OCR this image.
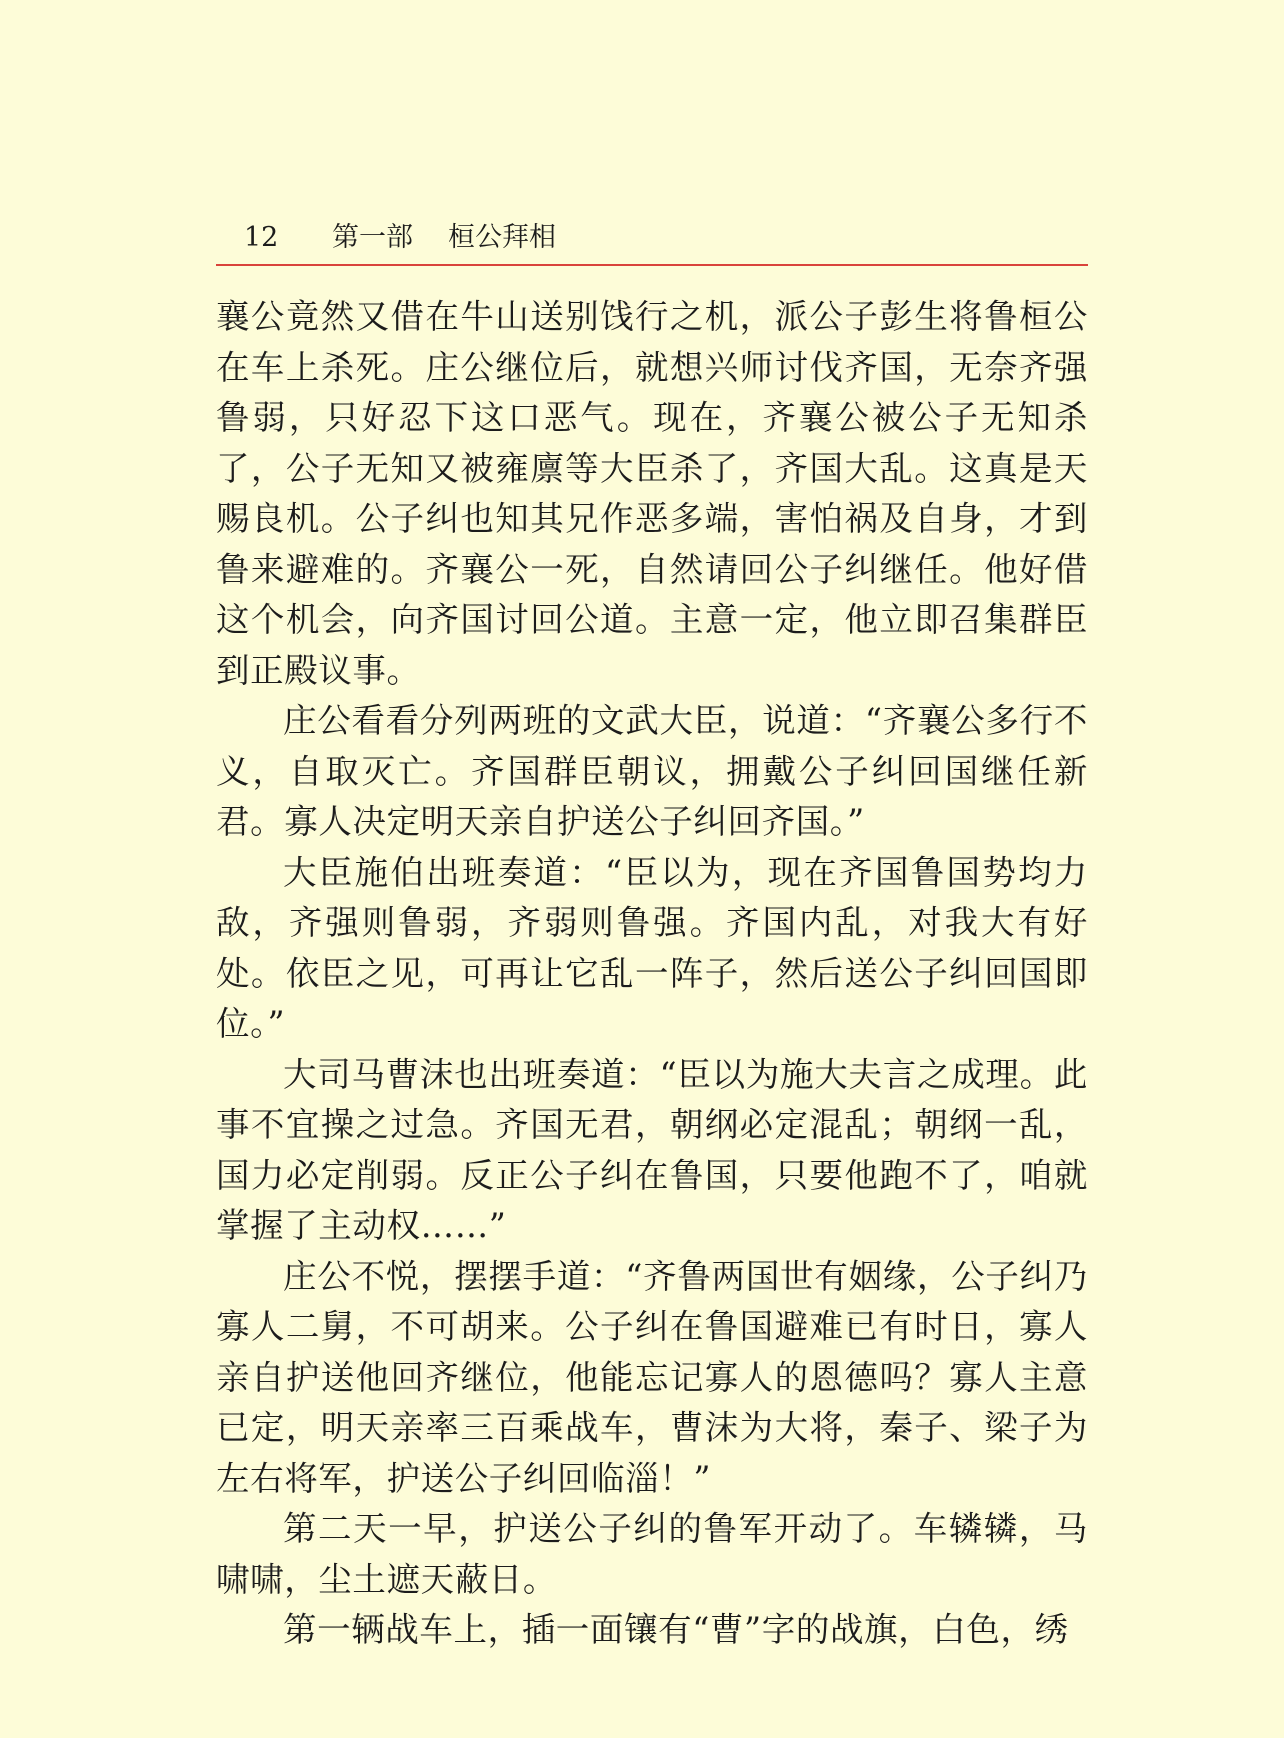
12 第一部 桓公拜相

襄公竟然又借在牛山送别饯行之机，派公子彭生将鲁桓公在车上杀死。庄公继位后，就想兴师讨伐齐国，无奈齐强鲁弱，只好忍下这口恶气。现在，齐襄公被公子无知杀了，公子无知又被雍廪等大臣杀了，齐国大乱。这真是天赐良机。公子纠也知其兄作恶多端，害怕祸及自身，才到鲁来避难的。齐襄公一死，自然请回公子纠继任。他好借这个机会，向齐国讨回公道。主意一定，他立即召集群臣到正殿议事。

庄公看看分列两班的文武大臣，说道：“齐襄公多行不义，自取灭亡。齐国群臣朝议，拥戴公子纠回国继任新君。寡人决定明天亲自护送公子纠回齐国。”

大臣施伯出班奏道：“臣以为，现在齐国鲁国势均力敌，齐强则鲁弱，齐弱则鲁强。齐国内乱，对我大有好处。依臣之见，可再让它乱一阵子，然后送公子纠回国即位。”

大司马曹沫也出班奏道：“臣以为施大夫言之成理。此事不宜操之过急。齐国无君，朝纲必定混乱；朝纲一乱，国力必定削弱。反正公子纠在鲁国，只要他跑不了，咱就掌握了主动权……”

庄公不悦，摆摆手道：“齐鲁两国世有姻缘，公子纠乃寡人二舅，不可胡来。公子纠在鲁国避难已有时日，寡人亲自护送他回齐继位，他能忘记寡人的恩德吗？寡人主意已定，明天亲率三百乘战车，曹沫为大将，秦子、梁子为左右将军，护送公子纠回临淄！”

第二天一早，护送公子纠的鲁军开动了。车辚辚，马啸啸，尘土遮天蔽日。

第一辆战车上，插一面镶有“曹”字的战旗，白色，绣
